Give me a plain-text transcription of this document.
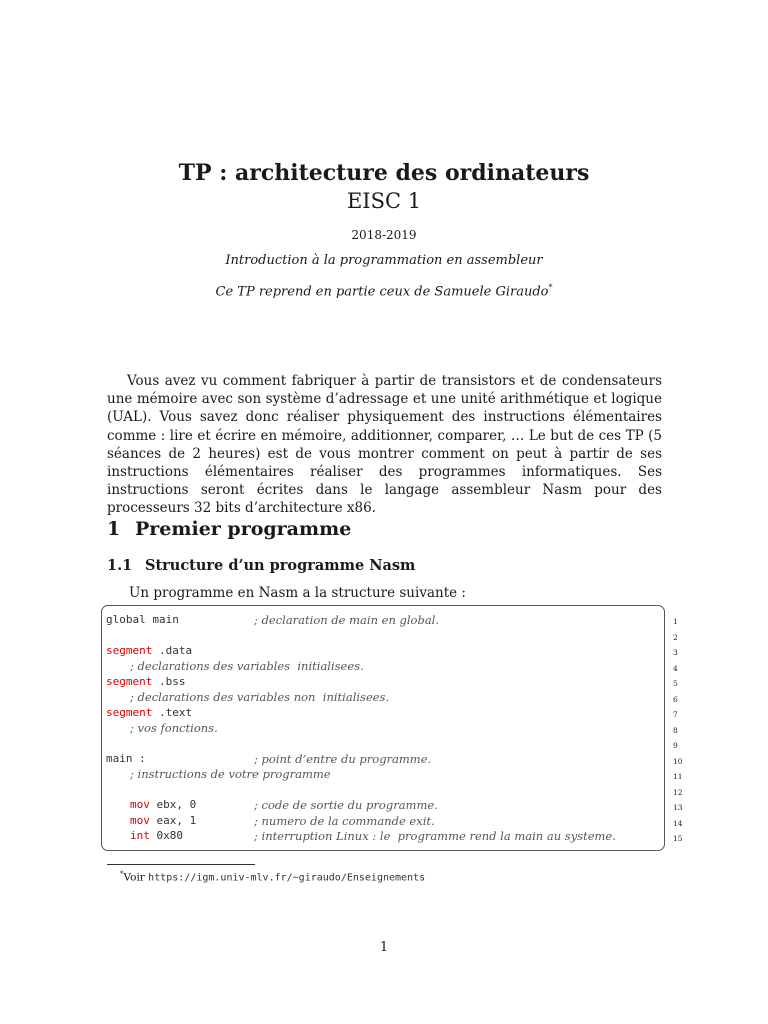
TP : architecture des ordinateurs
EISC 1
2018-2019
Introduction à la programmation en assembleur
Ce TP reprend en partie ceux de Samuele Giraudo*
Vous avez vu comment fabriquer à partir de transistors et de condensateurs une mémoire avec son système d’adressage et une unité arithmétique et logique (UAL). Vous savez donc réaliser physiquement des instructions élémentaires comme : lire et écrire en mémoire, additionner, comparer, … Le but de ces TP (5 séances de 2 heures) est de vous montrer comment on peut à partir de ses instructions élémentaires réaliser des programmes informatiques. Ses instructions seront écrites dans le langage assembleur Nasm pour des processeurs 32 bits d’architecture x86.
1 Premier programme
1.1 Structure d’un programme Nasm
Un programme en Nasm a la structure suivante :
global main	; declaration de main en global.
segment .data
; declarations des variables  initialisees.
segment .bss
; declarations des variables non  initialisees.
segment .text
; vos fonctions.
main :	; point d’entre du programme.
; instructions de votre programme
mov ebx, 0	; code de sortie du programme.
mov eax, 1	; numero de la commande exit.
int 0x80	; interruption Linux : le  programme rend la main au systeme.
1
2
3
4
5
6
7
8
9
10
11
12
13
14
15
*Voir https://igm.univ-mlv.fr/~giraudo/Enseignements
1
